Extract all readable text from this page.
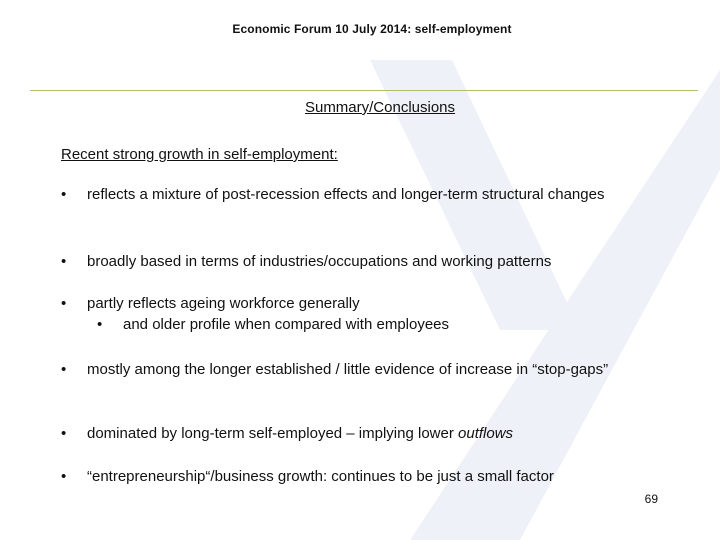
Economic Forum 10 July 2014: self-employment
Summary/Conclusions
Recent strong growth in self-employment:
•	reflects a mixture of post-recession effects and longer-term structural changes
•	broadly based in terms of industries/occupations and working patterns
•	partly reflects ageing workforce generally
• and older profile when compared with employees
•	mostly among the longer established / little evidence of increase in “stop-gaps”
•	dominated by long-term self-employed – implying lower outflows
•	“entrepreneurship“/business growth: continues to be just a small factor
69
